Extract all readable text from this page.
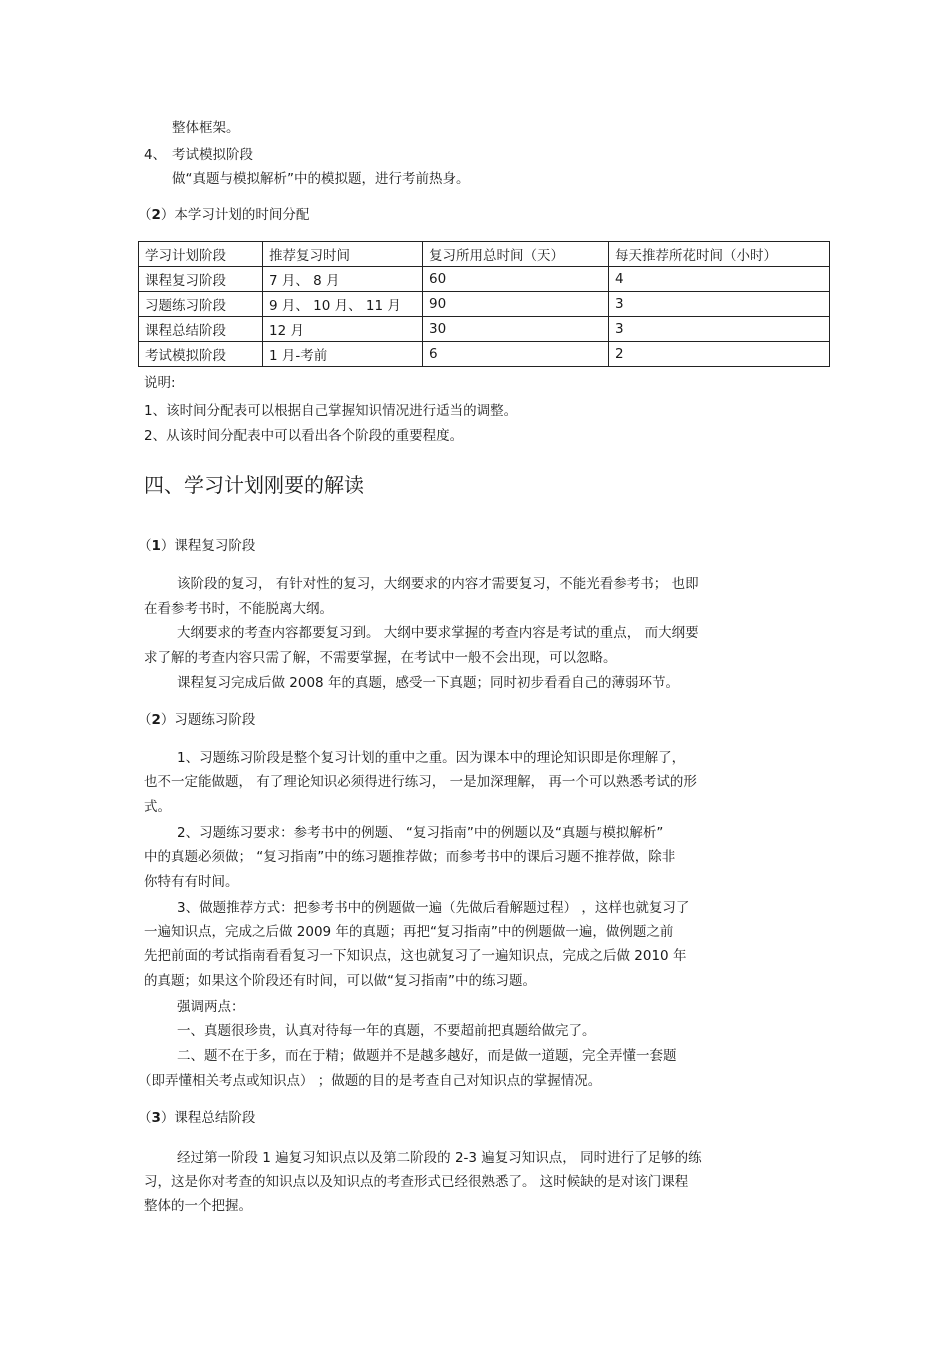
整体框架。
4、 考试模拟阶段
做“真题与模拟解析”中的模拟题，进行考前热身。
（2）本学习计划的时间分配
学习计划阶段	推荐复习时间	复习所用总时间（天）	每天推荐所花时间（小时）
课程复习阶段	7 月、 8 月	60	4
习题练习阶段	9 月、 10 月、 11 月	90	3
课程总结阶段	12 月	30	3
考试模拟阶段	1 月-考前	6	2
说明:
1、该时间分配表可以根据自己掌握知识情况进行适当的调整。
2、从该时间分配表中可以看出各个阶段的重要程度。
四、学习计划刚要的解读
（1）课程复习阶段
该阶段的复习， 有针对性的复习，大纲要求的内容才需要复习，不能光看参考书； 也即
在看参考书时，不能脱离大纲。
大纲要求的考查内容都要复习到。 大纲中要求掌握的考查内容是考试的重点， 而大纲要
求了解的考查内容只需了解，不需要掌握，在考试中一般不会出现，可以忽略。
课程复习完成后做 2008 年的真题，感受一下真题；同时初步看看自己的薄弱环节。
（2）习题练习阶段
1、习题练习阶段是整个复习计划的重中之重。因为课本中的理论知识即是你理解了，
也不一定能做题， 有了理论知识必须得进行练习， 一是加深理解， 再一个可以熟悉考试的形
式。
2、习题练习要求：参考书中的例题、 “复习指南”中的例题以及“真题与模拟解析”
中的真题必须做； “复习指南”中的练习题推荐做；而参考书中的课后习题不推荐做，除非
你特有有时间。
3、做题推荐方式：把参考书中的例题做一遍（先做后看解题过程） ，这样也就复习了
一遍知识点，完成之后做 2009 年的真题；再把“复习指南”中的例题做一遍，做例题之前
先把前面的考试指南看看复习一下知识点，这也就复习了一遍知识点，完成之后做 2010 年
的真题；如果这个阶段还有时间，可以做“复习指南”中的练习题。
强调两点：
一、真题很珍贵，认真对待每一年的真题，不要超前把真题给做完了。
二、题不在于多，而在于精；做题并不是越多越好，而是做一道题，完全弄懂一套题
（即弄懂相关考点或知识点） ；做题的目的是考查自己对知识点的掌握情况。
（3）课程总结阶段
经过第一阶段 1 遍复习知识点以及第二阶段的 2-3 遍复习知识点， 同时进行了足够的练
习，这是你对考查的知识点以及知识点的考查形式已经很熟悉了。 这时候缺的是对该门课程
整体的一个把握。
